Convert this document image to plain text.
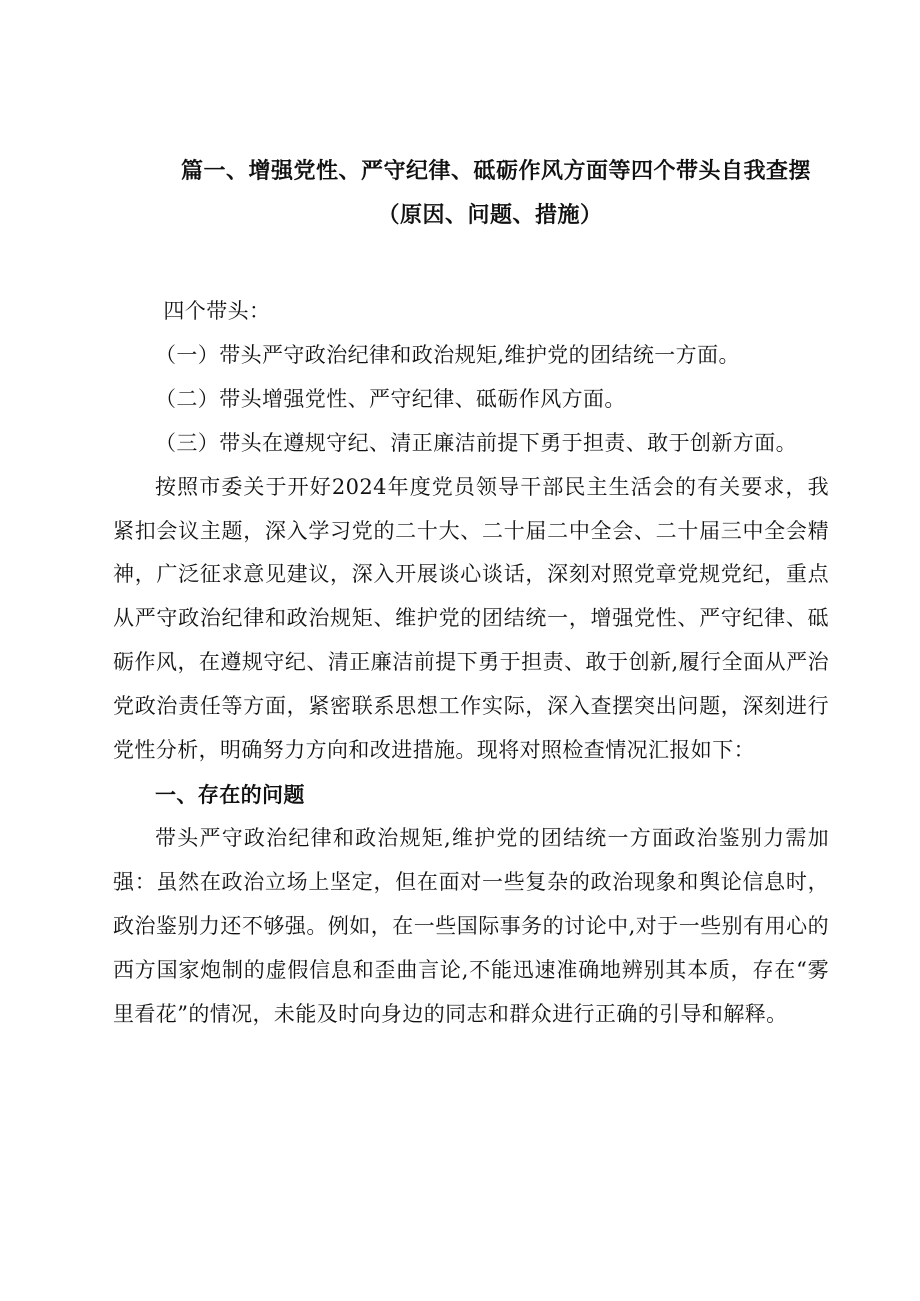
篇一、增强党性、严守纪律、砥砺作风方面等四个带头自我查摆
（原因、问题、措施）

四个带头：

（一）带头严守政治纪律和政治规矩,维护党的团结统一方面。

（二）带头增强党性、严守纪律、砥砺作风方面。

（三）带头在遵规守纪、清正廉洁前提下勇于担责、敢于创新方面。

按照市委关于开好2024年度党员领导干部民主生活会的有关要求，我紧扣会议主题，深入学习党的二十大、二十届二中全会、二十届三中全会精神，广泛征求意见建议，深入开展谈心谈话，深刻对照党章党规党纪，重点从严守政治纪律和政治规矩、维护党的团结统一，增强党性、严守纪律、砥砺作风，在遵规守纪、清正廉洁前提下勇于担责、敢于创新,履行全面从严治党政治责任等方面，紧密联系思想工作实际，深入查摆突出问题，深刻进行党性分析，明确努力方向和改进措施。现将对照检查情况汇报如下：

一、存在的问题

带头严守政治纪律和政治规矩,维护党的团结统一方面政治鉴别力需加强：虽然在政治立场上坚定，但在面对一些复杂的政治现象和舆论信息时，政治鉴别力还不够强。例如，在一些国际事务的讨论中,对于一些别有用心的西方国家炮制的虚假信息和歪曲言论,不能迅速准确地辨别其本质，存在“雾里看花”的情况，未能及时向身边的同志和群众进行正确的引导和解释。
